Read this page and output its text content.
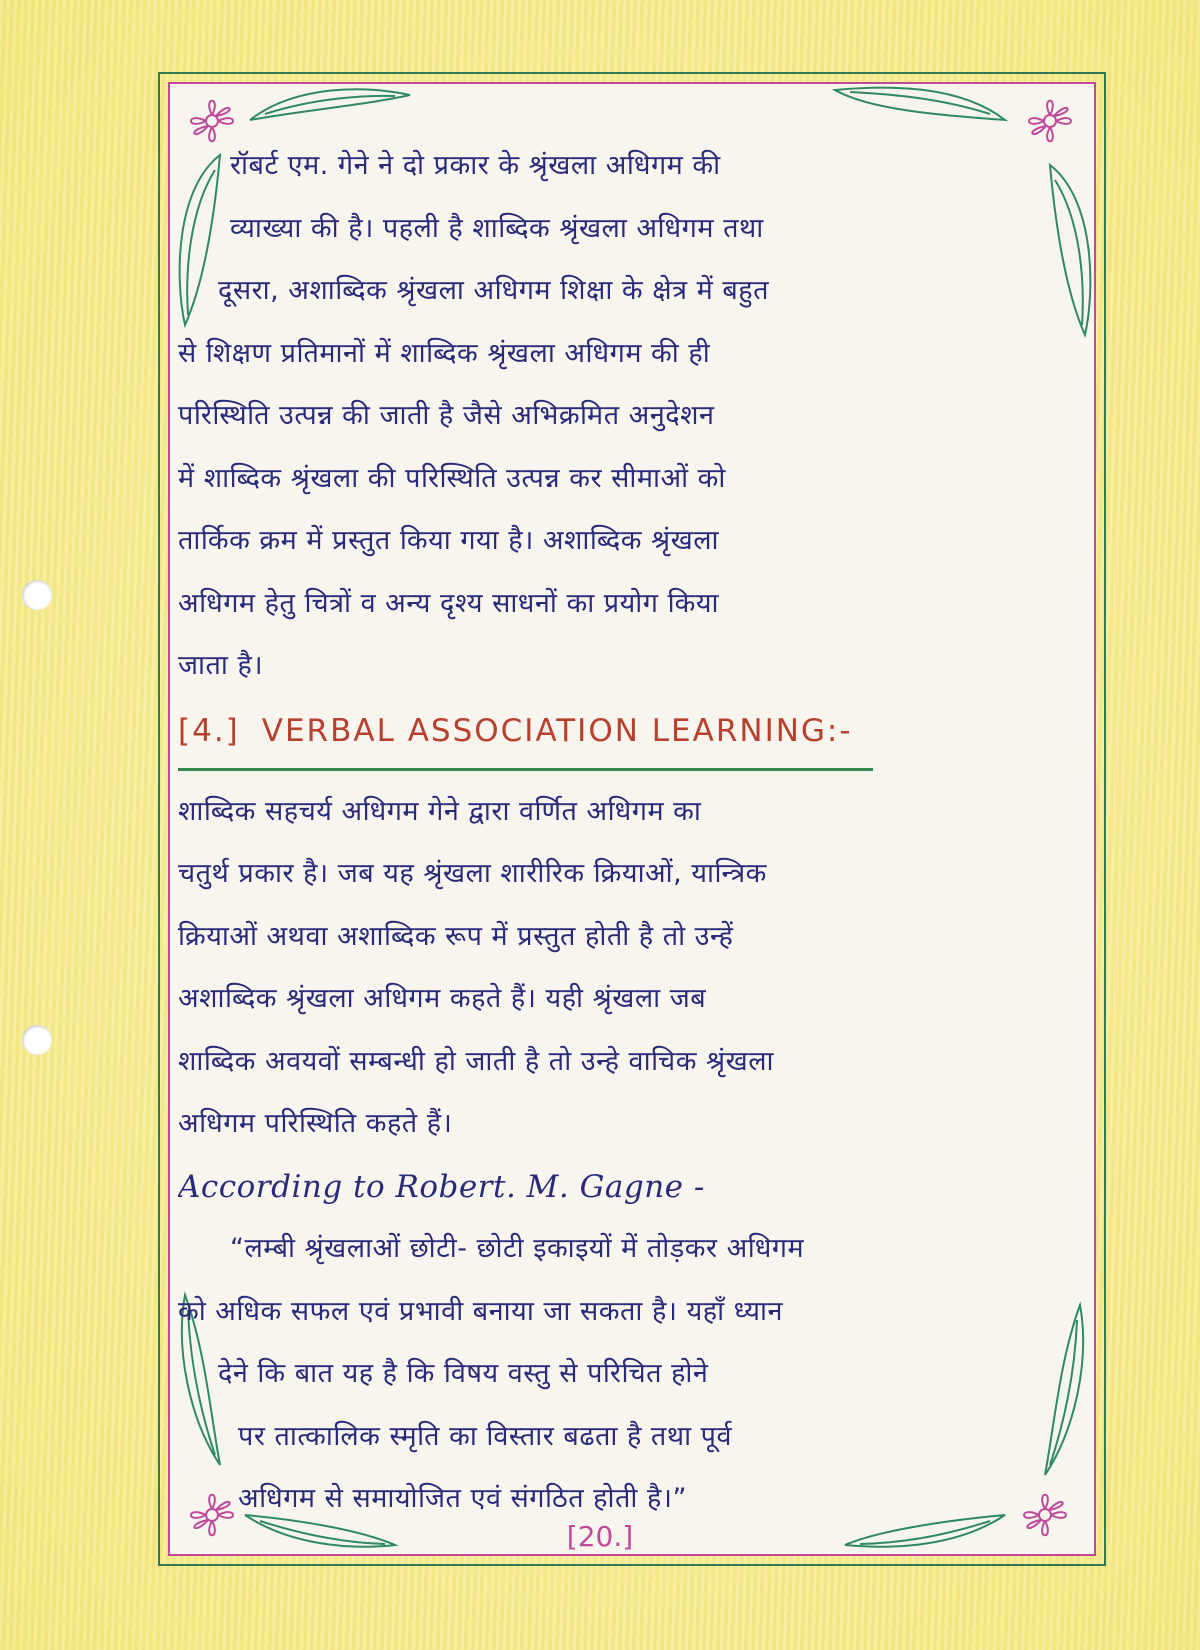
रॉबर्ट एम. गेने ने दो प्रकार के श्रृंखला अधिगम की
व्याख्या की है। पहली है शाब्दिक श्रृंखला अधिगम तथा
दूसरा, अशाब्दिक श्रृंखला अधिगम शिक्षा के क्षेत्र में बहुत
से शिक्षण प्रतिमानों में शाब्दिक श्रृंखला अधिगम की ही
परिस्थिति उत्पन्न की जाती है जैसे अभिक्रमित अनुदेशन
में शाब्दिक श्रृंखला की परिस्थिति उत्पन्न कर सीमाओं को
तार्किक क्रम में प्रस्तुत किया गया है। अशाब्दिक श्रृंखला
अधिगम हेतु चित्रों व अन्य दृश्य साधनों का प्रयोग किया
जाता है।
[4.] VERBAL ASSOCIATION LEARNING:-
शाब्दिक सहचर्य अधिगम गेने द्वारा वर्णित अधिगम का
चतुर्थ प्रकार है। जब यह श्रृंखला शारीरिक क्रियाओं, यान्त्रिक
क्रियाओं अथवा अशाब्दिक रूप में प्रस्तुत होती है तो उन्हें
अशाब्दिक श्रृंखला अधिगम कहते हैं। यही श्रृंखला जब
शाब्दिक अवयवों सम्बन्धी हो जाती है तो उन्हे वाचिक श्रृंखला
अधिगम परिस्थिति कहते हैं।
According to Robert. M. Gagne -
“लम्बी श्रृंखलाओं छोटी- छोटी इकाइयों में तोड़कर अधिगम
को अधिक सफल एवं प्रभावी बनाया जा सकता है। यहाँ ध्यान
देने कि बात यह है कि विषय वस्तु से परिचित होने
पर तात्कालिक स्मृति का विस्तार बढता है तथा पूर्व
अधिगम से समायोजित एवं संगठित होती है।”
[20.]
